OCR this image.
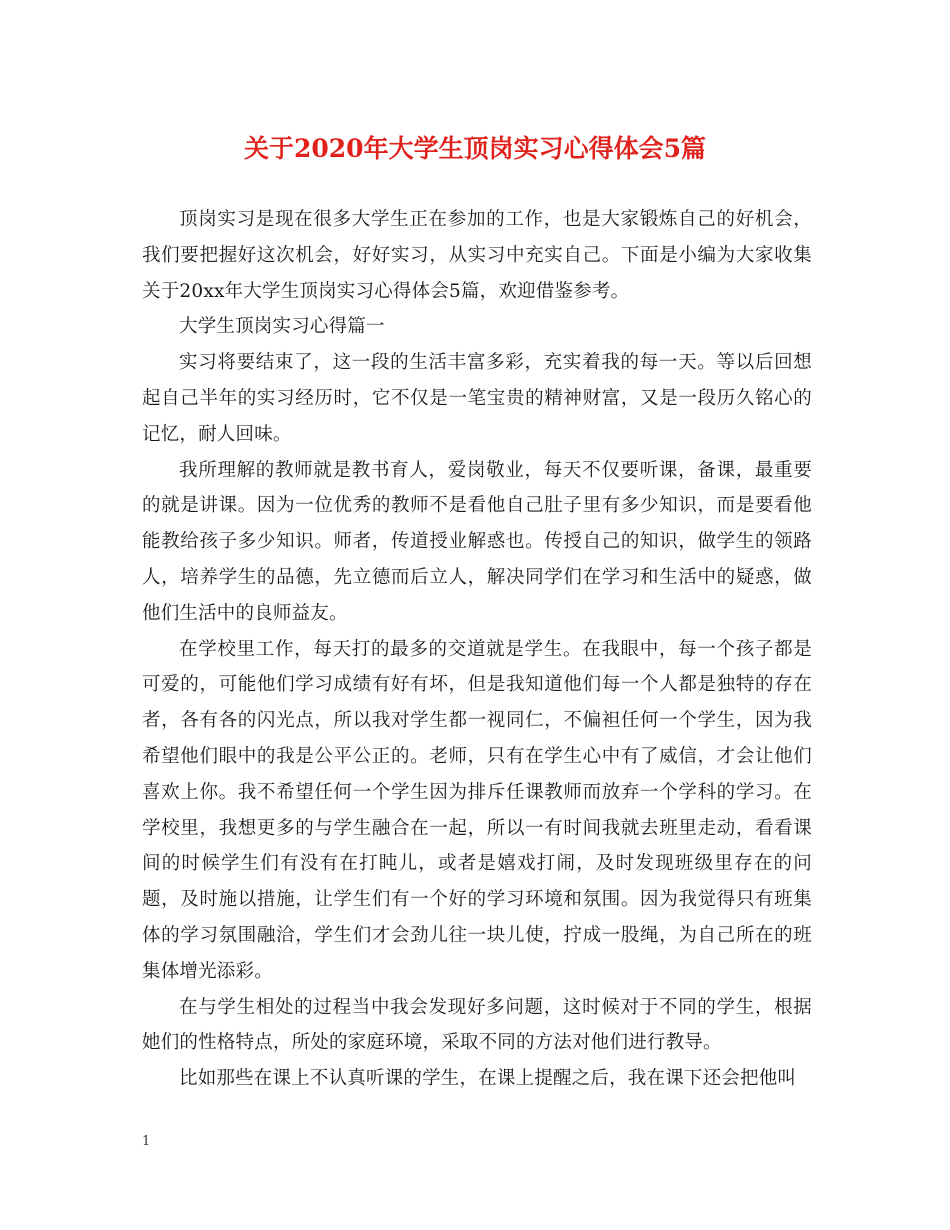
关于2020年大学生顶岗实习心得体会5篇

顶岗实习是现在很多大学生正在参加的工作，也是大家锻炼自己的好机会，我们要把握好这次机会，好好实习，从实习中充实自己。下面是小编为大家收集关于20xx年大学生顶岗实习心得体会5篇，欢迎借鉴参考。

大学生顶岗实习心得篇一

实习将要结束了，这一段的生活丰富多彩，充实着我的每一天。等以后回想起自己半年的实习经历时，它不仅是一笔宝贵的精神财富，又是一段历久铭心的记忆，耐人回味。

我所理解的教师就是教书育人，爱岗敬业，每天不仅要听课，备课，最重要的就是讲课。因为一位优秀的教师不是看他自己肚子里有多少知识，而是要看他能教给孩子多少知识。师者，传道授业解惑也。传授自己的知识，做学生的领路人，培养学生的品德，先立德而后立人，解决同学们在学习和生活中的疑惑，做他们生活中的良师益友。

在学校里工作，每天打的最多的交道就是学生。在我眼中，每一个孩子都是可爱的，可能他们学习成绩有好有坏，但是我知道他们每一个人都是独特的存在者，各有各的闪光点，所以我对学生都一视同仁，不偏袒任何一个学生，因为我希望他们眼中的我是公平公正的。老师，只有在学生心中有了威信，才会让他们喜欢上你。我不希望任何一个学生因为排斥任课教师而放弃一个学科的学习。在学校里，我想更多的与学生融合在一起，所以一有时间我就去班里走动，看看课间的时候学生们有没有在打盹儿，或者是嬉戏打闹，及时发现班级里存在的问题，及时施以措施，让学生们有一个好的学习环境和氛围。因为我觉得只有班集体的学习氛围融洽，学生们才会劲儿往一块儿使，拧成一股绳，为自己所在的班集体增光添彩。

在与学生相处的过程当中我会发现好多问题，这时候对于不同的学生，根据她们的性格特点，所处的家庭环境，采取不同的方法对他们进行教导。

比如那些在课上不认真听课的学生，在课上提醒之后，我在课下还会把他叫

1
